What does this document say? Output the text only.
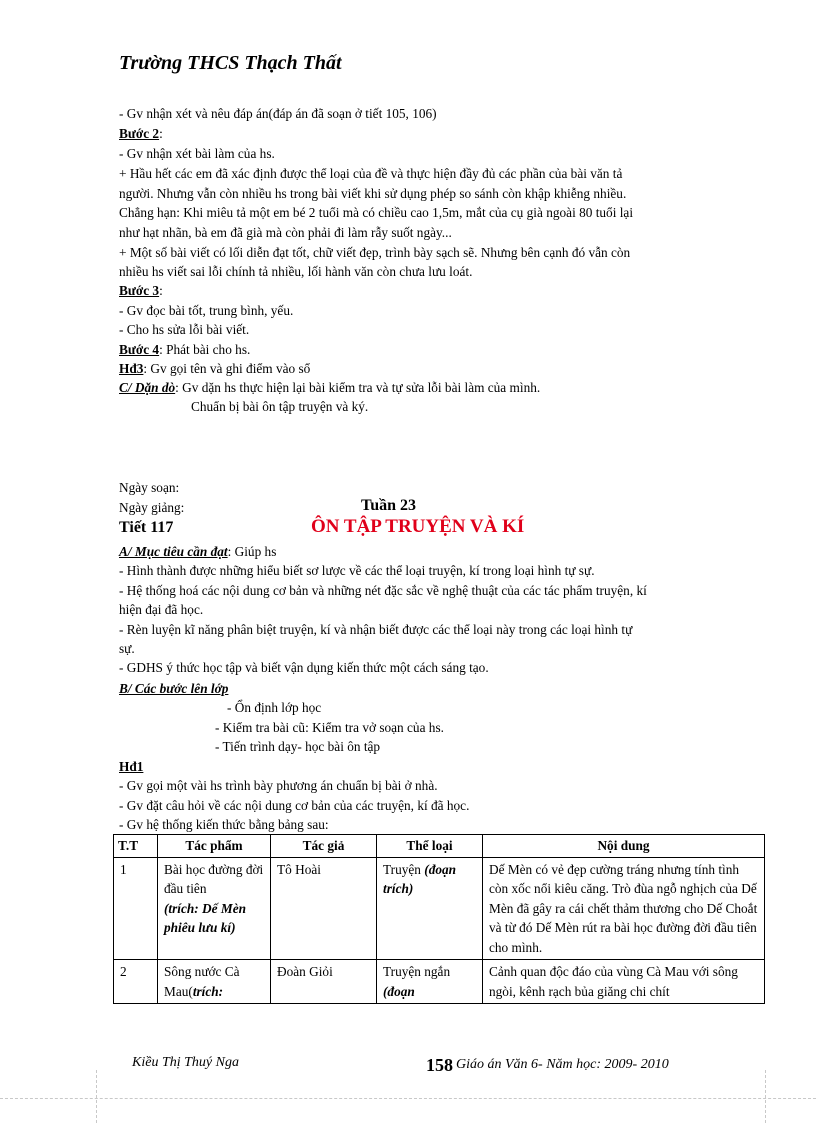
Trường THCS Thạch Thất
- Gv nhận xét và nêu đáp án(đáp án đã soạn ở tiết 105, 106)
Bước 2:
- Gv nhận xét bài làm của hs.
+ Hầu hết các em đã xác định được thể loại của đề và thực hiện đầy đủ các phần của bài văn tả
người. Nhưng vẫn còn nhiều hs trong bài viết khi sử dụng phép so sánh còn khập khiễng nhiều.
Chẳng hạn: Khi miêu tả một em bé 2 tuổi mà có chiều cao 1,5m, mắt của cụ già ngoài 80 tuổi lại
như hạt nhãn, bà em đã già mà còn phải đi làm rẫy suốt ngày...
+ Một số bài viết có lối diễn đạt tốt, chữ viết đẹp, trình bày sạch sẽ. Nhưng bên cạnh đó vẫn còn
nhiều hs viết sai lỗi chính tả nhiều, lối hành văn còn chưa lưu loát.
Bước 3:
- Gv đọc bài tốt, trung bình, yếu.
- Cho hs sửa lỗi bài viết.
Bước 4: Phát bài cho hs.
Hđ3: Gv gọi tên và ghi điểm vào sổ
C/ Dặn dò: Gv dặn hs thực hiện lại bài kiểm tra và tự sửa lỗi bài làm của mình.
Chuẩn bị bài ôn tập truyện và ký.
Ngày soạn:
Ngày giảng:	Tuần 23
Tiết 117	ÔN TẬP TRUYỆN VÀ KÍ
A/ Mục tiêu cần đạt: Giúp hs
- Hình thành được những hiểu biết sơ lược về các thể loại truyện, kí trong loại hình tự sự.
- Hệ thống hoá các nội dung cơ bản và những nét đặc sắc về nghệ thuật của các tác phẩm truyện, kí
hiện đại đã học.
- Rèn luyện kĩ năng phân biệt truyện, kí và nhận biết được các thể loại này trong các loại hình tự
sự.
- GDHS ý thức học tập và biết vận dụng kiến thức một cách sáng tạo.
B/ Các bước lên lớp
- Ổn định lớp học
- Kiểm tra bài cũ: Kiểm tra vở soạn của hs.
- Tiến trình dạy- học bài ôn tập
Hđ1
- Gv gọi một vài hs trình bày phương án chuẩn bị bài ở nhà.
- Gv đặt câu hỏi về các nội dung cơ bản của các truyện, kí đã học.
- Gv hệ thống kiến thức bằng bảng sau:
T.T	Tác phẩm	Tác giả	Thể loại	Nội dung
1	Bài học đường đời đầu tiên
(trích: Dế Mèn phiêu lưu kí)	Tô Hoài	Truyện (đoạn trích)	Dế Mèn có vẻ đẹp cường tráng nhưng tính tình còn xốc nổi kiêu căng. Trò đùa ngỗ nghịch của Dế Mèn đã gây ra cái chết thảm thương cho Dế Choắt và từ đó Dế Mèn rút ra bài học đường đời đầu tiên cho mình.
2	Sông nước Cà Mau(trích:	Đoàn Giỏi	Truyện ngắn (đoạn	Cảnh quan độc đáo của vùng Cà Mau với sông ngòi, kênh rạch bủa giăng chi chít
Kiều Thị Thuý Nga	158 Giáo án Văn 6- Năm học: 2009- 2010
